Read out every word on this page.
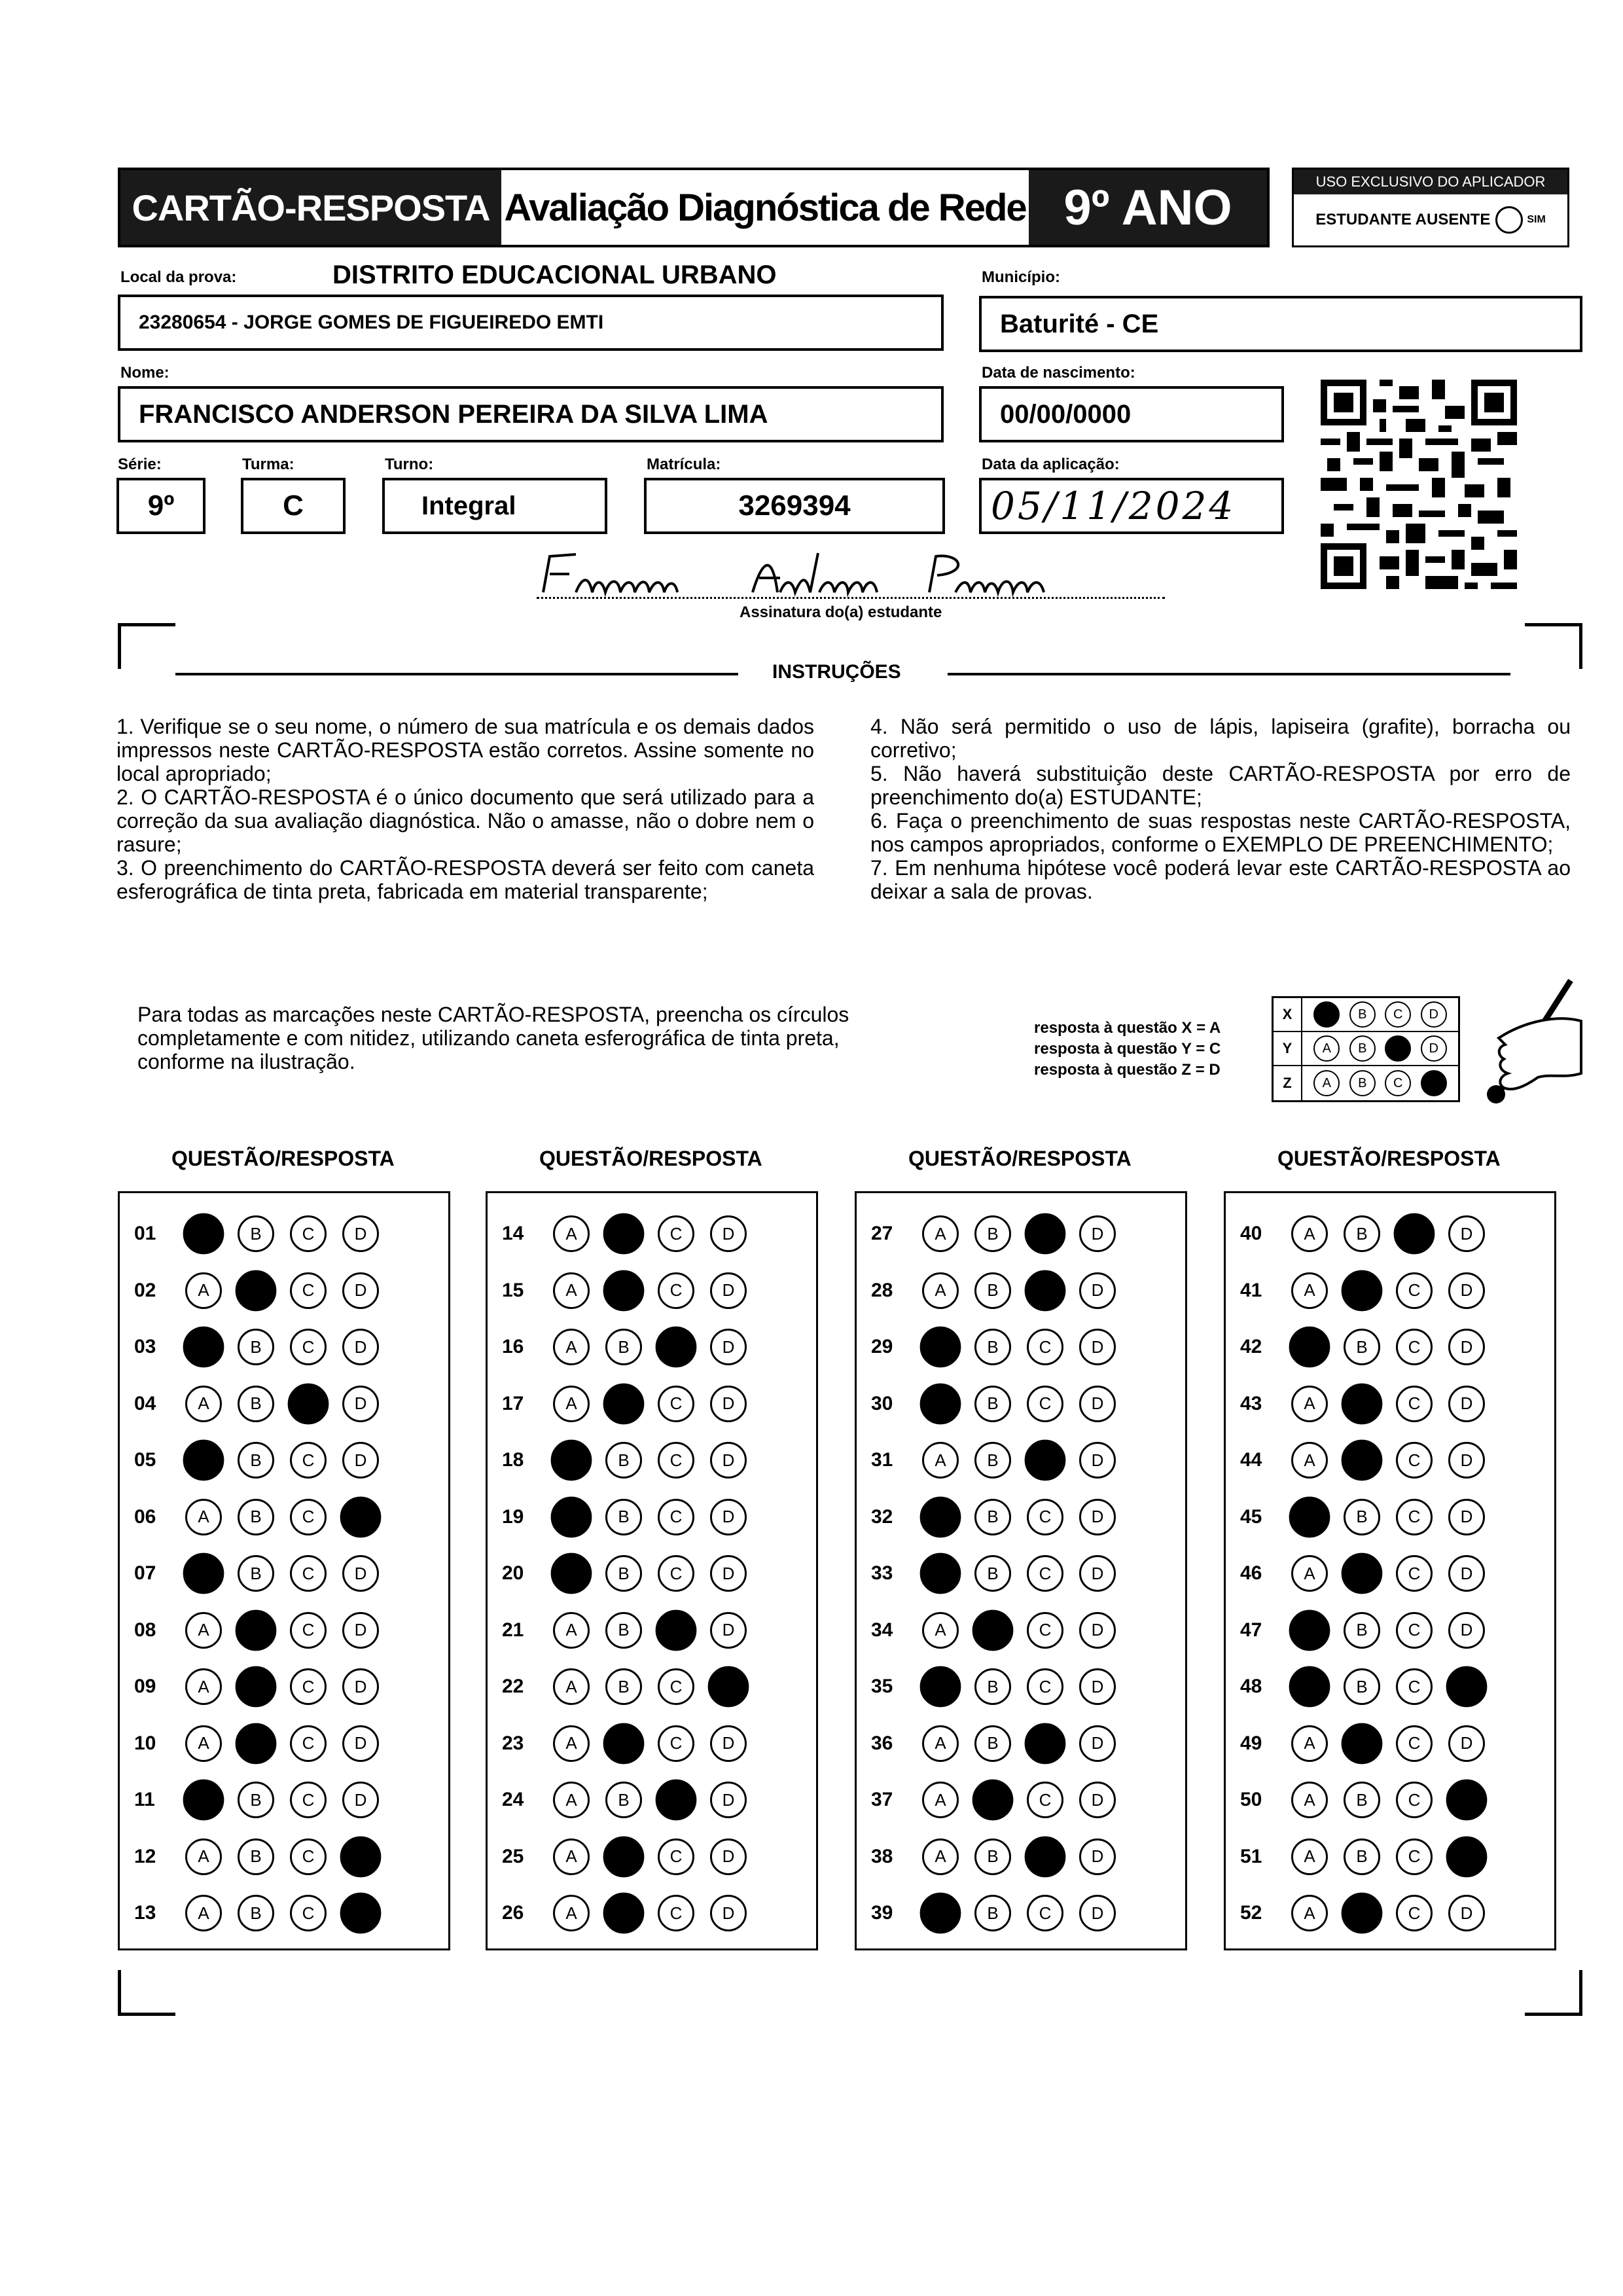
CARTÃO-RESPOSTA Avaliação Diagnóstica de Rede 9º ANO	USO EXCLUSIVO DO APLICADOR
ESTUDANTE AUSENTE	SIM
Local da prova:	DISTRITO EDUCACIONAL URBANO
23280654 - JORGE GOMES DE FIGUEIREDO EMTI
Município:
Baturité - CE
Nome:
FRANCISCO ANDERSON PEREIRA DA SILVA LIMA
Data de nascimento:
00/00/0000
Série:
9º
Turma:
C
Turno:
Integral
Matrícula:
3269394
Data da aplicação:
05/11/2024
Assinatura do(a) estudante
INSTRUÇÕES

1. Verifique se o seu nome, o número de sua matrícula e os demais dados impressos neste CARTÃO-RESPOSTA estão corretos. Assine somente no local apropriado;

2. O CARTÃO-RESPOSTA é o único documento que será utilizado para a correção da sua avaliação diagnóstica. Não o amasse, não o dobre nem o rasure;

3. O preenchimento do CARTÃO-RESPOSTA deverá ser feito com caneta esferográfica de tinta preta, fabricada em material transparente;

4. Não será permitido o uso de lápis, lapiseira (grafite), borracha ou corretivo;

5. Não haverá substituição deste CARTÃO-RESPOSTA por erro de preenchimento do(a) ESTUDANTE;

6. Faça o preenchimento de suas respostas neste CARTÃO-RESPOSTA, nos campos apropriados, conforme o EXEMPLO DE PREENCHIMENTO;

7. Em nenhuma hipótese você poderá levar este CARTÃO-RESPOSTA ao deixar a sala de provas.

Para todas as marcações neste CARTÃO-RESPOSTA, preencha os círculos completamente e com nitidez, utilizando caneta esferográfica de tinta preta, conforme na ilustração.
resposta à questão X = A
resposta à questão Y = C
resposta à questão Z = D
X	A	B	C	D
Y	A	B	C	D
Z	A	B	C	D
QUESTÃO/RESPOSTA
01	A	B	C	D
02	A	B	C	D
03	A	B	C	D
04	A	B	C	D
05	A	B	C	D
06	A	B	C	D
07	A	B	C	D
08	A	B	C	D
09	A	B	C	D
10	A	B	C	D
11	A	B	C	D
12	A	B	C	D
13	A	B	C	D
QUESTÃO/RESPOSTA
14	A	B	C	D
15	A	B	C	D
16	A	B	C	D
17	A	B	C	D
18	A	B	C	D
19	A	B	C	D
20	A	B	C	D
21	A	B	C	D
22	A	B	C	D
23	A	B	C	D
24	A	B	C	D
25	A	B	C	D
26	A	B	C	D
QUESTÃO/RESPOSTA
27	A	B	C	D
28	A	B	C	D
29	A	B	C	D
30	A	B	C	D
31	A	B	C	D
32	A	B	C	D
33	A	B	C	D
34	A	B	C	D
35	A	B	C	D
36	A	B	C	D
37	A	B	C	D
38	A	B	C	D
39	A	B	C	D
QUESTÃO/RESPOSTA
40	A	B	C	D
41	A	B	C	D
42	A	B	C	D
43	A	B	C	D
44	A	B	C	D
45	A	B	C	D
46	A	B	C	D
47	A	B	C	D
48	A	B	C	D
49	A	B	C	D
50	A	B	C	D
51	A	B	C	D
52	A	B	C	D
